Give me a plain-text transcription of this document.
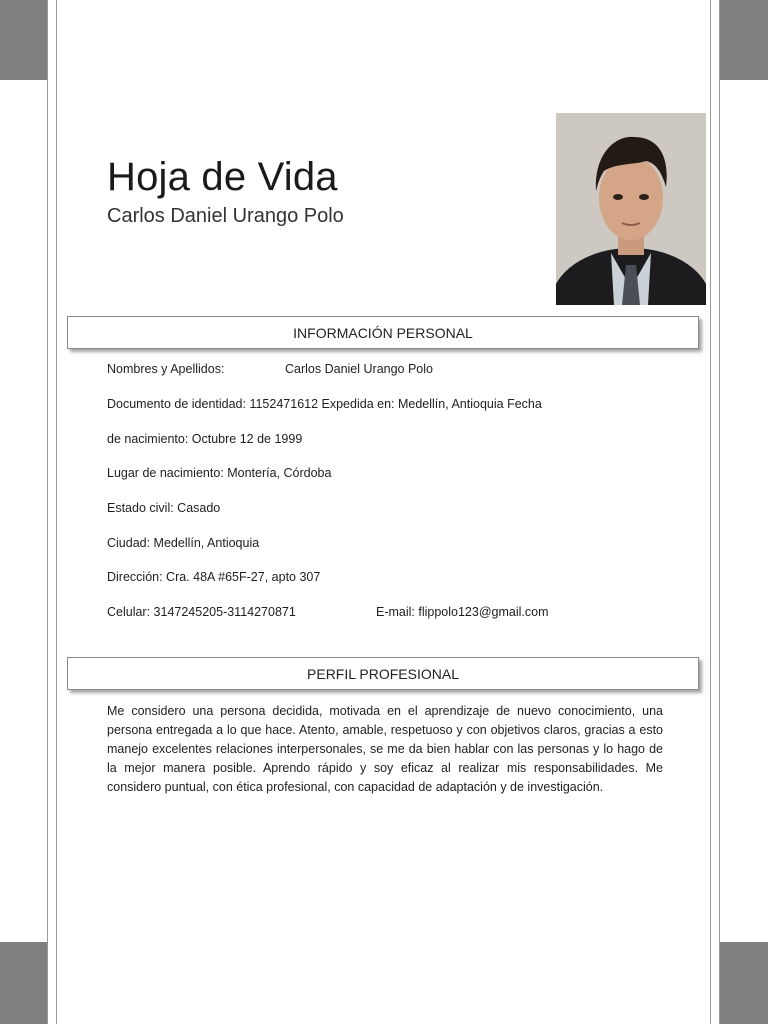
Hoja de Vida
Carlos Daniel Urango Polo
INFORMACIÓN PERSONAL
Nombres y Apellidos:	Carlos Daniel Urango Polo
Documento de identidad: 1152471612 Expedida en: Medellín, Antioquia Fecha
de nacimiento: Octubre 12 de 1999
Lugar de nacimiento: Montería, Córdoba
Estado civil: Casado
Ciudad: Medellín, Antioquia
Dirección: Cra. 48A #65F-27, apto 307
Celular: 3147245205-3114270871	E-mail: flippolo123@gmail.com
PERFIL PROFESIONAL
Me considero una persona decidida, motivada en el aprendizaje de nuevo conocimiento, una persona entregada a lo que hace. Atento, amable, respetuoso y con objetivos claros, gracias a esto manejo excelentes relaciones interpersonales, se me da bien hablar con las personas y lo hago de la mejor manera posible. Aprendo rápido y soy eficaz al realizar mis responsabilidades. Me considero puntual, con ética profesional, con capacidad de adaptación y de investigación.
